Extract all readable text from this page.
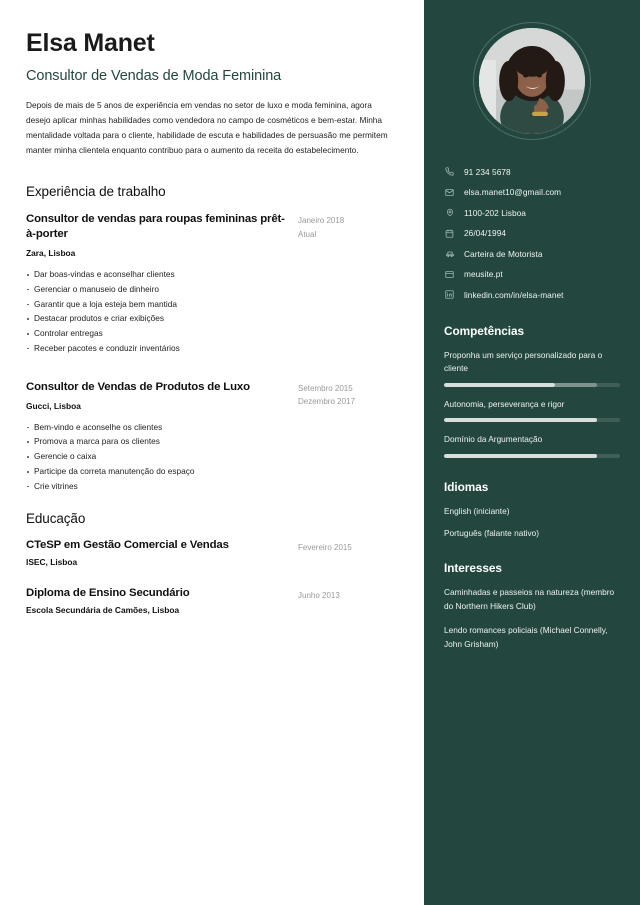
Elsa Manet
Consultor de Vendas de Moda Feminina
Depois de mais de 5 anos de experiência em vendas no setor de luxo e moda feminina, agora desejo aplicar minhas habilidades como vendedora no campo de cosméticos e bem-estar. Minha mentalidade voltada para o cliente, habilidade de escuta e habilidades de persuasão me permitem manter minha clientela enquanto contribuo para o aumento da receita do estabelecimento.
Experiência de trabalho
Consultor de vendas para roupas femininas prêt-à-porter
Zara, Lisboa
Dar boas-vindas e aconselhar clientes
Gerenciar o manuseio de dinheiro
Garantir que a loja esteja bem mantida
Destacar produtos e criar exibições
Controlar entregas
Receber pacotes e conduzir inventários
Janeiro 2018
Atual
Consultor de Vendas de Produtos de Luxo
Gucci, Lisboa
Bem-vindo e aconselhe os clientes
Promova a marca para os clientes
Gerencie o caixa
Participe da correta manutenção do espaço
Crie vitrines
Setembro 2015
Dezembro 2017
Educação
CTeSP em Gestão Comercial e Vendas
ISEC, Lisboa
Fevereiro 2015
Diploma de Ensino Secundário
Escola Secundária de Camões, Lisboa
Junho 2013
91 234 5678
elsa.manet10@gmail.com
1100-202 Lisboa
26/04/1994
Carteira de Motorista
meusite.pt
linkedin.com/in/elsa-manet
Competências
Proponha um serviço personalizado para o cliente
Autonomia, perseverança e rigor
Domínio da Argumentação
Idiomas
English (iniciante)
Português (falante nativo)
Interesses
Caminhadas e passeios na natureza (membro do Northern Hikers Club)
Lendo romances policiais (Michael Connelly, John Grisham)
